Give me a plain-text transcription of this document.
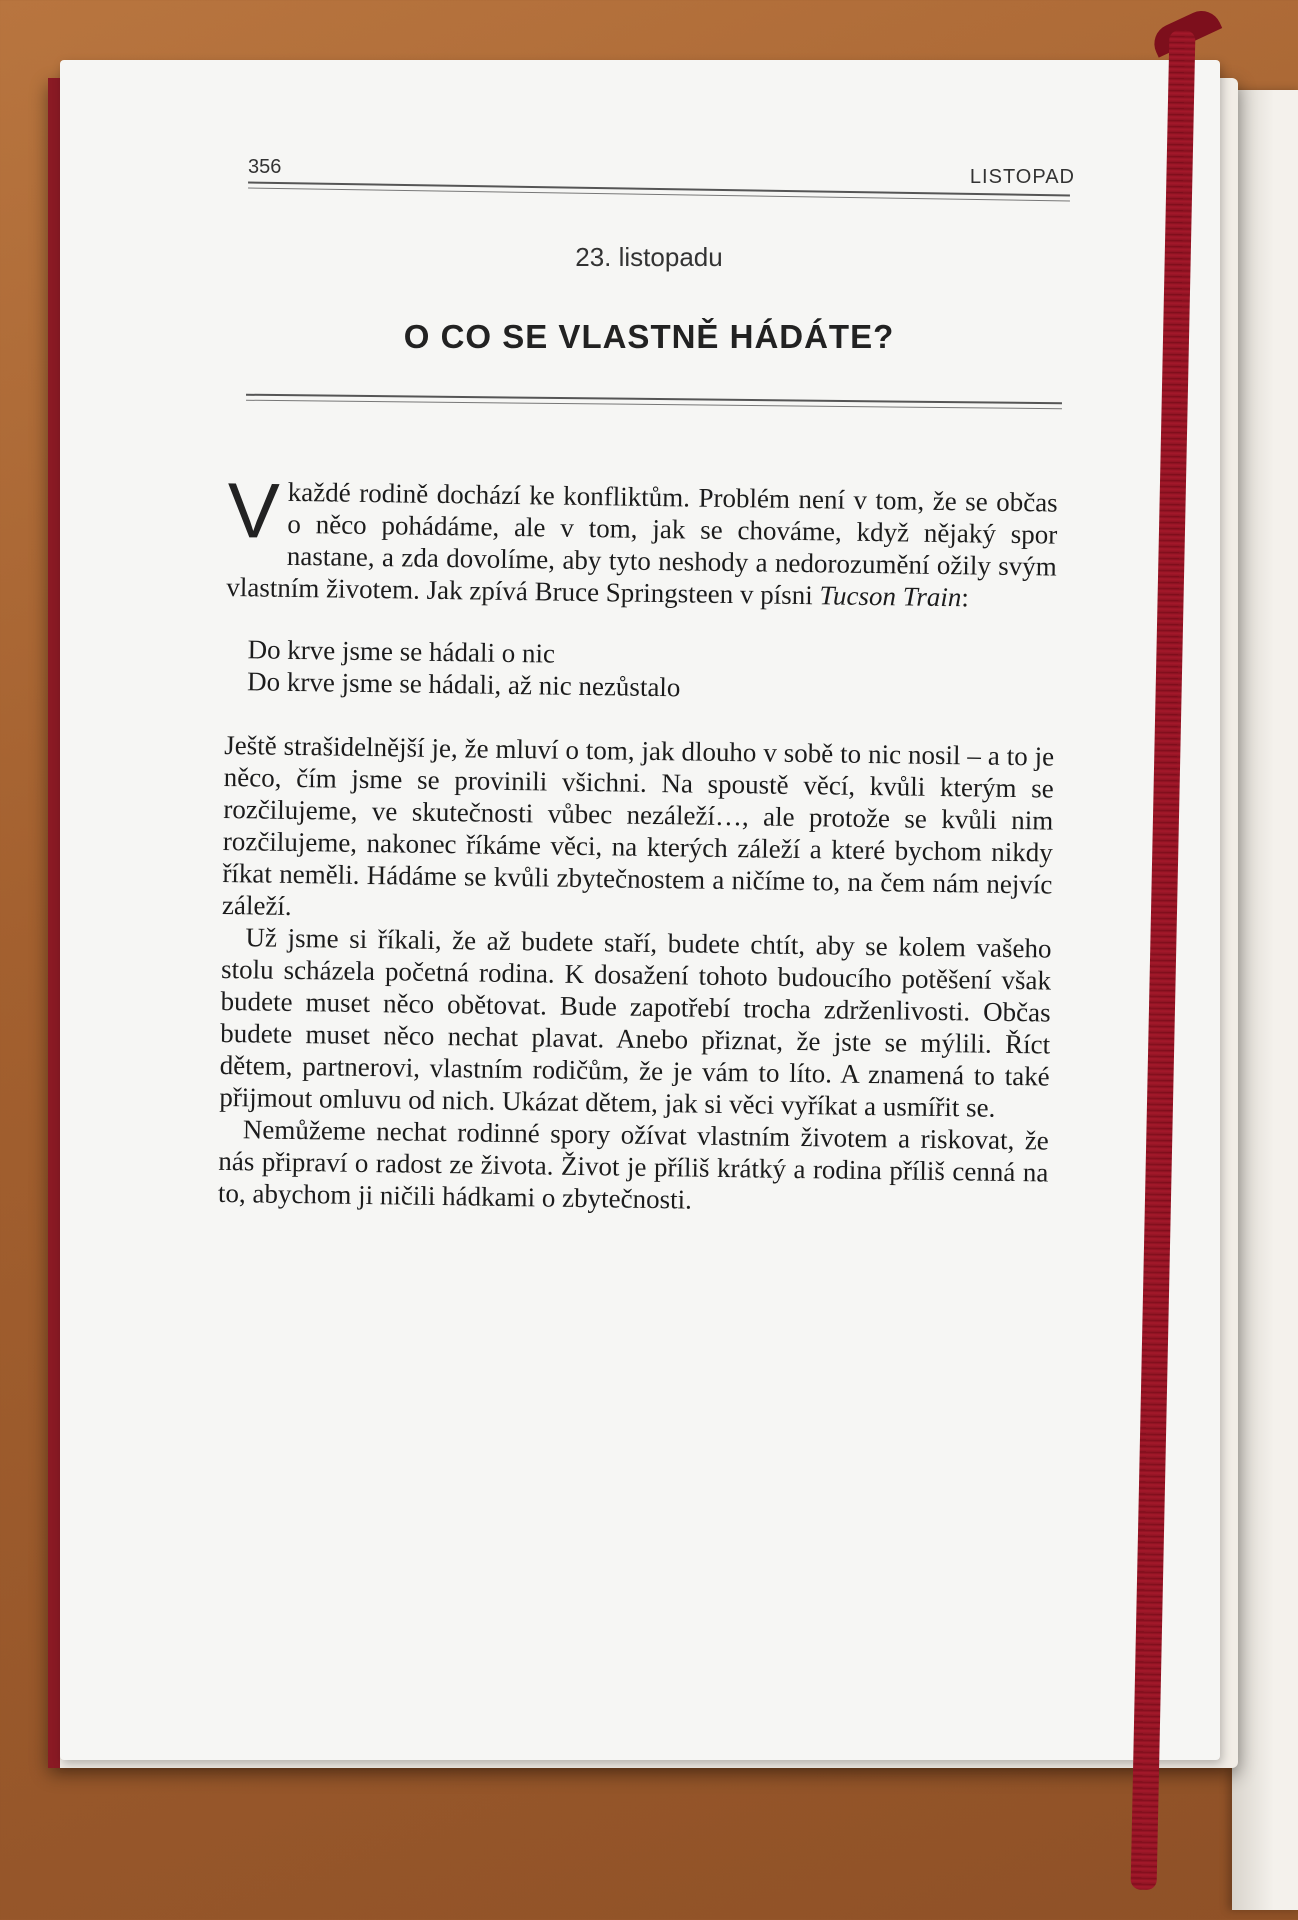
356	LISTOPAD
23. listopadu
O CO SE VLASTNĚ HÁDÁTE?

V každé rodině dochází ke konfliktům. Problém není v tom, že se občas o něco pohádáme, ale v tom, jak se chováme, když nějaký spor nastane, a zda dovolíme, aby tyto neshody a nedorozumění ožily svým vlastním životem. Jak zpívá Bruce Springsteen v písni Tucson Train:

Do krve jsme se hádali o nic
Do krve jsme se hádali, až nic nezůstalo

Ještě strašidelnější je, že mluví o tom, jak dlouho v sobě to nic nosil – a to je něco, čím jsme se provinili všichni. Na spoustě věcí, kvůli kterým se rozčilujeme, ve skutečnosti vůbec nezáleží…, ale protože se kvůli nim rozčilujeme, nakonec říkáme věci, na kterých záleží a které bychom nikdy říkat neměli. Hádáme se kvůli zbytečnostem a ničíme to, na čem nám nejvíc záleží.

Už jsme si říkali, že až budete staří, budete chtít, aby se kolem vašeho stolu scházela početná rodina. K dosažení tohoto budoucího potěšení však budete muset něco obětovat. Bude zapotřebí trocha zdrženlivosti. Občas budete muset něco nechat plavat. Anebo přiznat, že jste se mýlili. Říct dětem, partnerovi, vlastním rodičům, že je vám to líto. A znamená to také přijmout omluvu od nich. Ukázat dětem, jak si věci vyříkat a usmířit se.

Nemůžeme nechat rodinné spory ožívat vlastním životem a riskovat, že nás připraví o radost ze života. Život je příliš krátký a rodina příliš cenná na to, abychom ji ničili hádkami o zbytečnosti.
